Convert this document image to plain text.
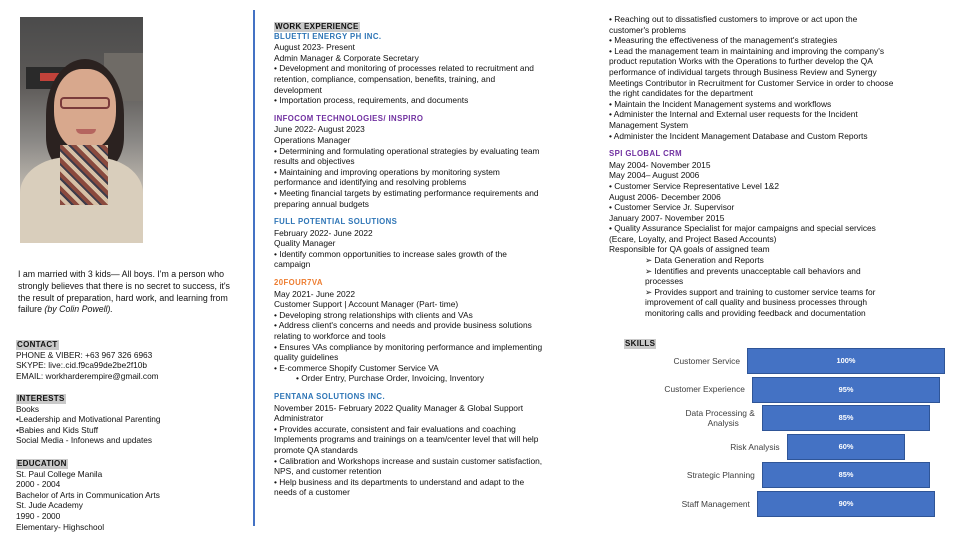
I am married with 3 kids— All boys. I'm a person who strongly believes that there is no secret to success, it's the result of preparation, hard work, and learning from failure (by Colin Powell).
CONTACT
PHONE & VIBER: +63 967 326 6963
SKYPE: live:.cid.f9ca99de2be2f10b
EMAIL: workharderempire@gmail.com
INTERESTS
Books
•Leadership and Motivational Parenting
•Babies and Kids Stuff
Social Media - Infonews and updates
EDUCATION
St. Paul College Manila
2000 - 2004
Bachelor of Arts in Communication Arts
St. Jude Academy
1990 - 2000
Elementary- Highschool
WORK EXPERIENCE
BLUETTI ENERGY PH INC.
August 2023- Present
Admin Manager & Corporate Secretary
• Development and monitoring of processes related to recruitment and
retention, compliance, compensation, benefits, training, and
development
• Importation process, requirements, and documents
INFOCOM TECHNOLOGIES/ INSPIRO
June 2022- August 2023
Operations Manager
• Determining and formulating operational strategies by evaluating team
results and objectives
• Maintaining and improving operations by monitoring system
performance and identifying and resolving problems
• Meeting financial targets by estimating performance requirements and
preparing annual budgets
FULL POTENTIAL SOLUTIONS
February 2022- June 2022
Quality Manager
• Identify common opportunities to increase sales growth of the
campaign
20FOUR7VA
May 2021- June 2022
Customer Support | Account Manager (Part- time)
• Developing strong relationships with clients and VAs
• Address client's concerns and needs and provide business solutions
relating to workforce and tools
• Ensures VAs compliance by monitoring performance and implementing
quality guidelines
• E-commerce Shopify Customer Service VA
• Order Entry, Purchase Order, Invoicing, Inventory
PENTANA SOLUTIONS INC.
November 2015- February 2022 Quality Manager & Global Support
Administrator
• Provides accurate, consistent and fair evaluations and coaching
Implements programs and trainings on a team/center level that will help
promote QA standards
• Calibration and Workshops increase and sustain customer satisfaction,
NPS, and customer retention
• Help business and its departments to understand and adapt to the
needs of a customer
• Reaching out to dissatisfied customers to improve or act upon the
customer's problems
• Measuring the effectiveness of the management's strategies
• Lead the management team in maintaining and improving the company's
product reputation Works with the Operations to further develop the QA
performance of individual targets through Business Review and Synergy
Meetings Contributor in Recruitment for Customer Service in order to choose
the right candidates for the department
• Maintain the Incident Management systems and workflows
• Administer the Internal and External user requests for the Incident
Management System
• Administer the Incident Management Database and Custom Reports
SPI GLOBAL CRM
May 2004- November 2015
May 2004– August 2006
• Customer Service Representative Level 1&2
August 2006- December 2006
• Customer Service Jr. Supervisor
January 2007- November 2015
• Quality Assurance Specialist for major campaigns and special services
(Ecare, Loyalty, and Project Based Accounts)
Responsible for QA goals of assigned team
➢ Data Generation and Reports
➢ Identifies and prevents unacceptable call behaviors and
processes
➢ Provides support and training to customer service teams for
improvement of call quality and business processes through
monitoring calls and providing feedback and documentation
SKILLS
100%
Customer Service
95%
Customer Experience
85%
Data Processing &
Analysis
60%
Risk Analysis
85%
Strategic Planning
90%
Staff Management
